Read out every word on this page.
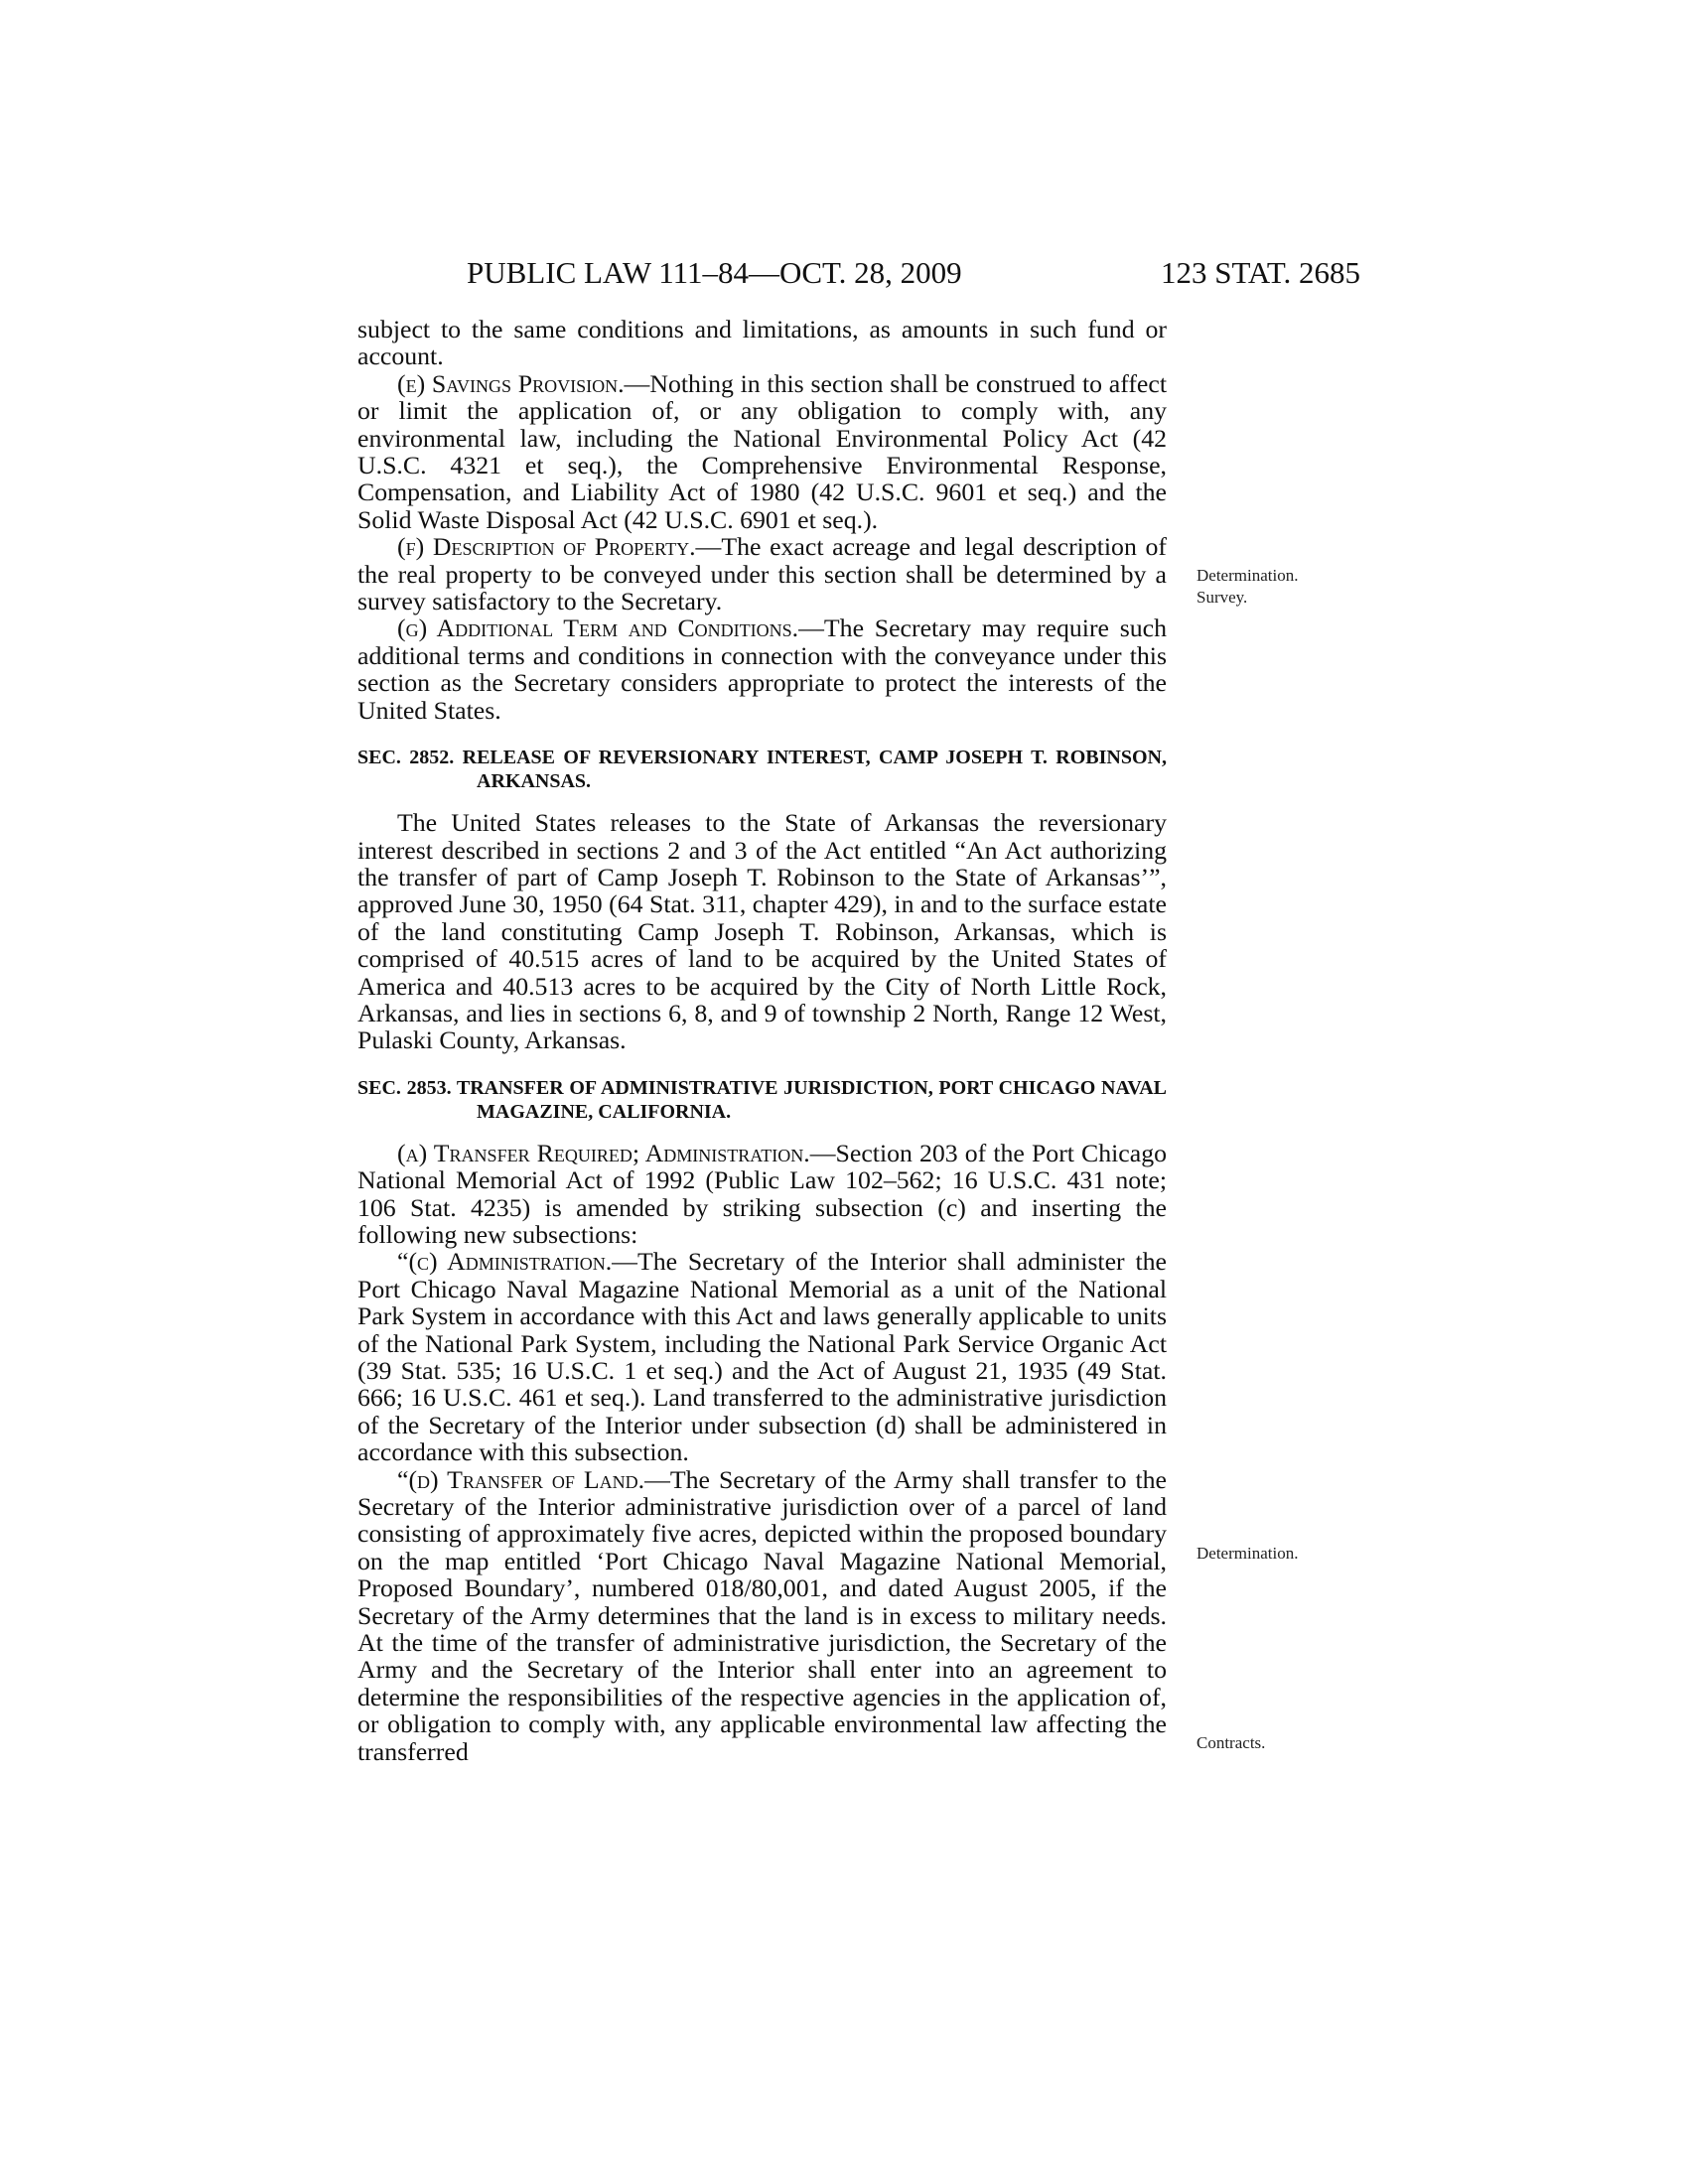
PUBLIC LAW 111–84—OCT. 28, 2009	123 STAT. 2685

subject to the same conditions and limitations, as amounts in such fund or account.

(e) Savings Provision.—Nothing in this section shall be construed to affect or limit the application of, or any obligation to comply with, any environmental law, including the National Environmental Policy Act (42 U.S.C. 4321 et seq.), the Comprehensive Environmental Response, Compensation, and Liability Act of 1980 (42 U.S.C. 9601 et seq.) and the Solid Waste Disposal Act (42 U.S.C. 6901 et seq.).

(f) Description of Property.—The exact acreage and legal description of the real property to be conveyed under this section shall be determined by a survey satisfactory to the Secretary.

(g) Additional Term and Conditions.—The Secretary may require such additional terms and conditions in connection with the conveyance under this section as the Secretary considers appropriate to protect the interests of the United States.

SEC. 2852. RELEASE OF REVERSIONARY INTEREST, CAMP JOSEPH T. ROBINSON, ARKANSAS.

The United States releases to the State of Arkansas the reversionary interest described in sections 2 and 3 of the Act entitled “An Act authorizing the transfer of part of Camp Joseph T. Robinson to the State of Arkansas’”, approved June 30, 1950 (64 Stat. 311, chapter 429), in and to the surface estate of the land constituting Camp Joseph T. Robinson, Arkansas, which is comprised of 40.515 acres of land to be acquired by the United States of America and 40.513 acres to be acquired by the City of North Little Rock, Arkansas, and lies in sections 6, 8, and 9 of township 2 North, Range 12 West, Pulaski County, Arkansas.

SEC. 2853. TRANSFER OF ADMINISTRATIVE JURISDICTION, PORT CHICAGO NAVAL MAGAZINE, CALIFORNIA.

(a) Transfer Required; Administration.—Section 203 of the Port Chicago National Memorial Act of 1992 (Public Law 102–562; 16 U.S.C. 431 note; 106 Stat. 4235) is amended by striking subsection (c) and inserting the following new subsections:

“(c) Administration.—The Secretary of the Interior shall administer the Port Chicago Naval Magazine National Memorial as a unit of the National Park System in accordance with this Act and laws generally applicable to units of the National Park System, including the National Park Service Organic Act (39 Stat. 535; 16 U.S.C. 1 et seq.) and the Act of August 21, 1935 (49 Stat. 666; 16 U.S.C. 461 et seq.). Land transferred to the administrative jurisdiction of the Secretary of the Interior under subsection (d) shall be administered in accordance with this subsection.

“(d) Transfer of Land.—The Secretary of the Army shall transfer to the Secretary of the Interior administrative jurisdiction over of a parcel of land consisting of approximately five acres, depicted within the proposed boundary on the map entitled ‘Port Chicago Naval Magazine National Memorial, Proposed Boundary’, numbered 018/80,001, and dated August 2005, if the Secretary of the Army determines that the land is in excess to military needs. At the time of the transfer of administrative jurisdiction, the Secretary of the Army and the Secretary of the Interior shall enter into an agreement to determine the responsibilities of the respective agencies in the application of, or obligation to comply with, any applicable environmental law affecting the transferred

Determination.
Survey.
Determination.
Contracts.
